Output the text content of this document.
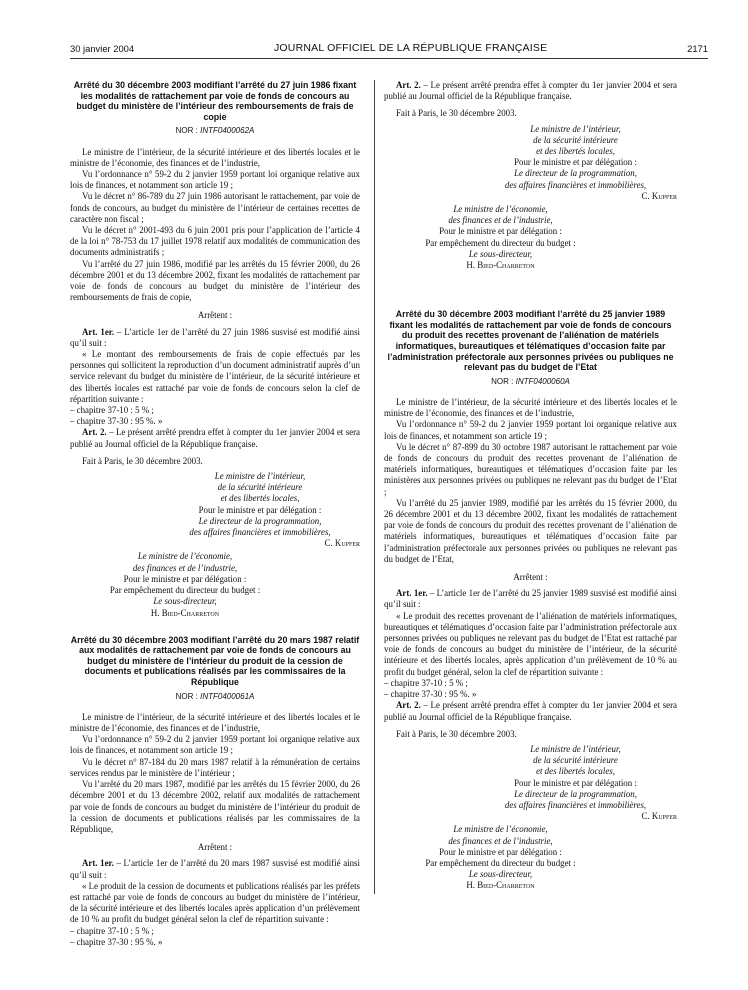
30 janvier 2004	JOURNAL OFFICIEL DE LA RÉPUBLIQUE FRANÇAISE	2171
Arrêté du 30 décembre 2003 modifiant l’arrêté du 27 juin 1986 fixant les modalités de rattachement par voie de fonds de concours au budget du ministère de l’intérieur des remboursements de frais de copie
NOR : INTF0400062A

Le ministre de l’intérieur, de la sécurité intérieure et des libertés locales et le ministre de l’économie, des finances et de l’industrie,

Vu l’ordonnance n° 59-2 du 2 janvier 1959 portant loi organique relative aux lois de finances, et notamment son article 19 ;

Vu le décret n° 86-789 du 27 juin 1986 autorisant le rattachement, par voie de fonds de concours, au budget du ministère de l’intérieur de certaines recettes de caractère non fiscal ;

Vu le décret n° 2001-493 du 6 juin 2001 pris pour l’application de l’article 4 de la loi n° 78-753 du 17 juillet 1978 relatif aux modalités de communication des documents administratifs ;

Vu l’arrêté du 27 juin 1986, modifié par les arrêtés du 15 février 2000, du 26 décembre 2001 et du 13 décembre 2002, fixant les modalités de rattachement par voie de fonds de concours au budget du ministère de l’intérieur des remboursements de frais de copie,

Arrêtent :

Art. 1er. – L’article 1er de l’arrêté du 27 juin 1986 susvisé est modifié ainsi qu’il suit :

« Le montant des remboursements de frais de copie effectués par les personnes qui sollicitent la reproduction d’un document administratif auprès d’un service relevant du budget du ministère de l’intérieur, de la sécurité intérieure et des libertés locales est rattaché par voie de fonds de concours selon la clef de répartition suivante :

– chapitre 37-10 : 5 % ;

– chapitre 37-30 : 95 %. »

Art. 2. – Le présent arrêté prendra effet à compter du 1er janvier 2004 et sera publié au Journal officiel de la République française.

Fait à Paris, le 30 décembre 2003.

Le ministre de l’intérieur,
de la sécurité intérieure
et des libertés locales,
Pour le ministre et par délégation :
Le directeur de la programmation,
des affaires financières et immobilières,
C. Kupfer
Le ministre de l’économie,
des finances et de l’industrie,
Pour le ministre et par délégation :
Par empêchement du directeur du budget :
Le sous-directeur,
H. Bied-Charreton
Arrêté du 30 décembre 2003 modifiant l’arrêté du 20 mars 1987 relatif aux modalités de rattachement par voie de fonds de concours au budget du ministère de l’intérieur du produit de la cession de documents et publications réalisés par les commissaires de la République
NOR : INTF0400061A

Le ministre de l’intérieur, de la sécurité intérieure et des libertés locales et le ministre de l’économie, des finances et de l’industrie,

Vu l’ordonnance n° 59-2 du 2 janvier 1959 portant loi organique relative aux lois de finances, et notamment son article 19 ;

Vu le décret n° 87-184 du 20 mars 1987 relatif à la rémunération de certains services rendus par le ministère de l’intérieur ;

Vu l’arrêté du 20 mars 1987, modifié par les arrêtés du 15 février 2000, du 26 décembre 2001 et du 13 décembre 2002, relatif aux modalités de rattachement par voie de fonds de concours au budget du ministère de l’intérieur du produit de la cession de documents et publications réalisés par les commissaires de la République,

Arrêtent :

Art. 1er. – L’article 1er de l’arrêté du 20 mars 1987 susvisé est modifié ainsi qu’il suit :

« Le produit de la cession de documents et publications réalisés par les préfets est rattaché par voie de fonds de concours au budget du ministère de l’intérieur, de la sécurité intérieure et des libertés locales après application d’un prélèvement de 10 % au profit du budget général selon la clef de répartition suivante :

– chapitre 37-10 : 5 % ;

– chapitre 37-30 : 95 %. »

Art. 2. – Le présent arrêté prendra effet à compter du 1er janvier 2004 et sera publié au Journal officiel de la République française.

Fait à Paris, le 30 décembre 2003.

Le ministre de l’intérieur,
de la sécurité intérieure
et des libertés locales,
Pour le ministre et par délégation :
Le directeur de la programmation,
des affaires financières et immobilières,
C. Kupfer
Le ministre de l’économie,
des finances et de l’industrie,
Pour le ministre et par délégation :
Par empêchement du directeur du budget :
Le sous-directeur,
H. Bied-Charreton
Arrêté du 30 décembre 2003 modifiant l’arrêté du 25 janvier 1989 fixant les modalités de rattachement par voie de fonds de concours du produit des recettes provenant de l’aliénation de matériels informatiques, bureautiques et télématiques d’occasion faite par l’administration préfectorale aux personnes privées ou publiques ne relevant pas du budget de l’Etat
NOR : INTF0400060A

Le ministre de l’intérieur, de la sécurité intérieure et des libertés locales et le ministre de l’économie, des finances et de l’industrie,

Vu l’ordonnance n° 59-2 du 2 janvier 1959 portant loi organique relative aux lois de finances, et notamment son article 19 ;

Vu le décret n° 87-899 du 30 octobre 1987 autorisant le rattachement par voie de fonds de concours du produit des recettes provenant de l’aliénation de matériels informatiques, bureautiques et télématiques d’occasion faite par les ministères aux personnes privées ou publiques ne relevant pas du budget de l’Etat ;

Vu l’arrêté du 25 janvier 1989, modifié par les arrêtés du 15 février 2000, du 26 décembre 2001 et du 13 décembre 2002, fixant les modalités de rattachement par voie de fonds de concours du produit des recettes provenant de l’aliénation de matériels informatiques, bureautiques et télématiques d’occasion faite par l’administration préfectorale aux personnes privées ou publiques ne relevant pas du budget de l’Etat,

Arrêtent :

Art. 1er. – L’article 1er de l’arrêté du 25 janvier 1989 susvisé est modifié ainsi qu’il suit :

« Le produit des recettes provenant de l’aliénation de matériels informatiques, bureautiques et télématiques d’occasion faite par l’administration préfectorale aux personnes privées ou publiques ne relevant pas du budget de l’Etat est rattaché par voie de fonds de concours au budget du ministère de l’intérieur, de la sécurité intérieure et des libertés locales, après application d’un prélèvement de 10 % au profit du budget général, selon la clef de répartition suivante :

– chapitre 37-10 : 5 % ;

– chapitre 37-30 : 95 %. »

Art. 2. – Le présent arrêté prendra effet à compter du 1er janvier 2004 et sera publié au Journal officiel de la République française.

Fait à Paris, le 30 décembre 2003.

Le ministre de l’intérieur,
de la sécurité intérieure
et des libertés locales,
Pour le ministre et par délégation :
Le directeur de la programmation,
des affaires financières et immobilières,
C. Kupfer
Le ministre de l’économie,
des finances et de l’industrie,
Pour le ministre et par délégation :
Par empêchement du directeur du budget :
Le sous-directeur,
H. Bied-Charreton
